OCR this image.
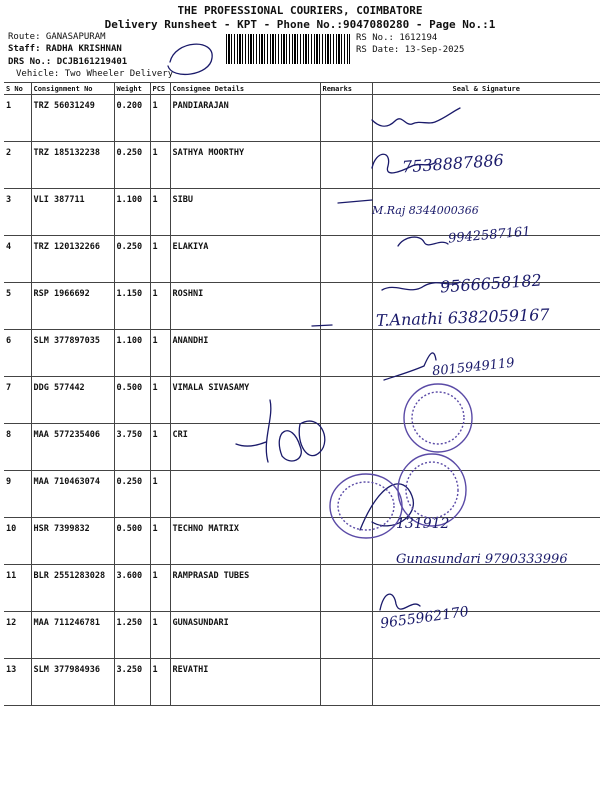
THE PROFESSIONAL COURIERS, COIMBATORE
Delivery Runsheet - KPT - Phone No.:9047080280 - Page No.:1
Route: GANASAPURAM
Staff: RADHA KRISHNAN
DRS No.: DCJB161219401
Vehicle: Two Wheeler Delivery
RS No.: 1612194
RS Date: 13-Sep-2025
S No	Consignment No	Weight	PCS	Consignee Details	Remarks	Seal & Signature
1	TRZ 56031249	0.200	1	PANDIARAJAN		
2	TRZ 185132238	0.250	1	SATHYA MOORTHY		
3	VLI 387711	1.100	1	SIBU		
4	TRZ 120132266	0.250	1	ELAKIYA		
5	RSP 1966692	1.150	1	ROSHNI		
6	SLM 377897035	1.100	1	ANANDHI		
7	DDG 577442	0.500	1	VIMALA SIVASAMY		
8	MAA 577235406	3.750	1	CRI		
9	MAA 710463074	0.250	1			
10	HSR 7399832	0.500	1	TECHNO MATRIX		
11	BLR 2551283028	3.600	1	RAMPRASAD TUBES		
12	MAA 711246781	1.250	1	GUNASUNDARI		
13	SLM 377984936	3.250	1	REVATHI		
7538887886
M.Raj 8344000366
9942587161
9566658182
T.Anathi 6382059167
8015949119
131912
Gunasundari 9790333996
9655962170
